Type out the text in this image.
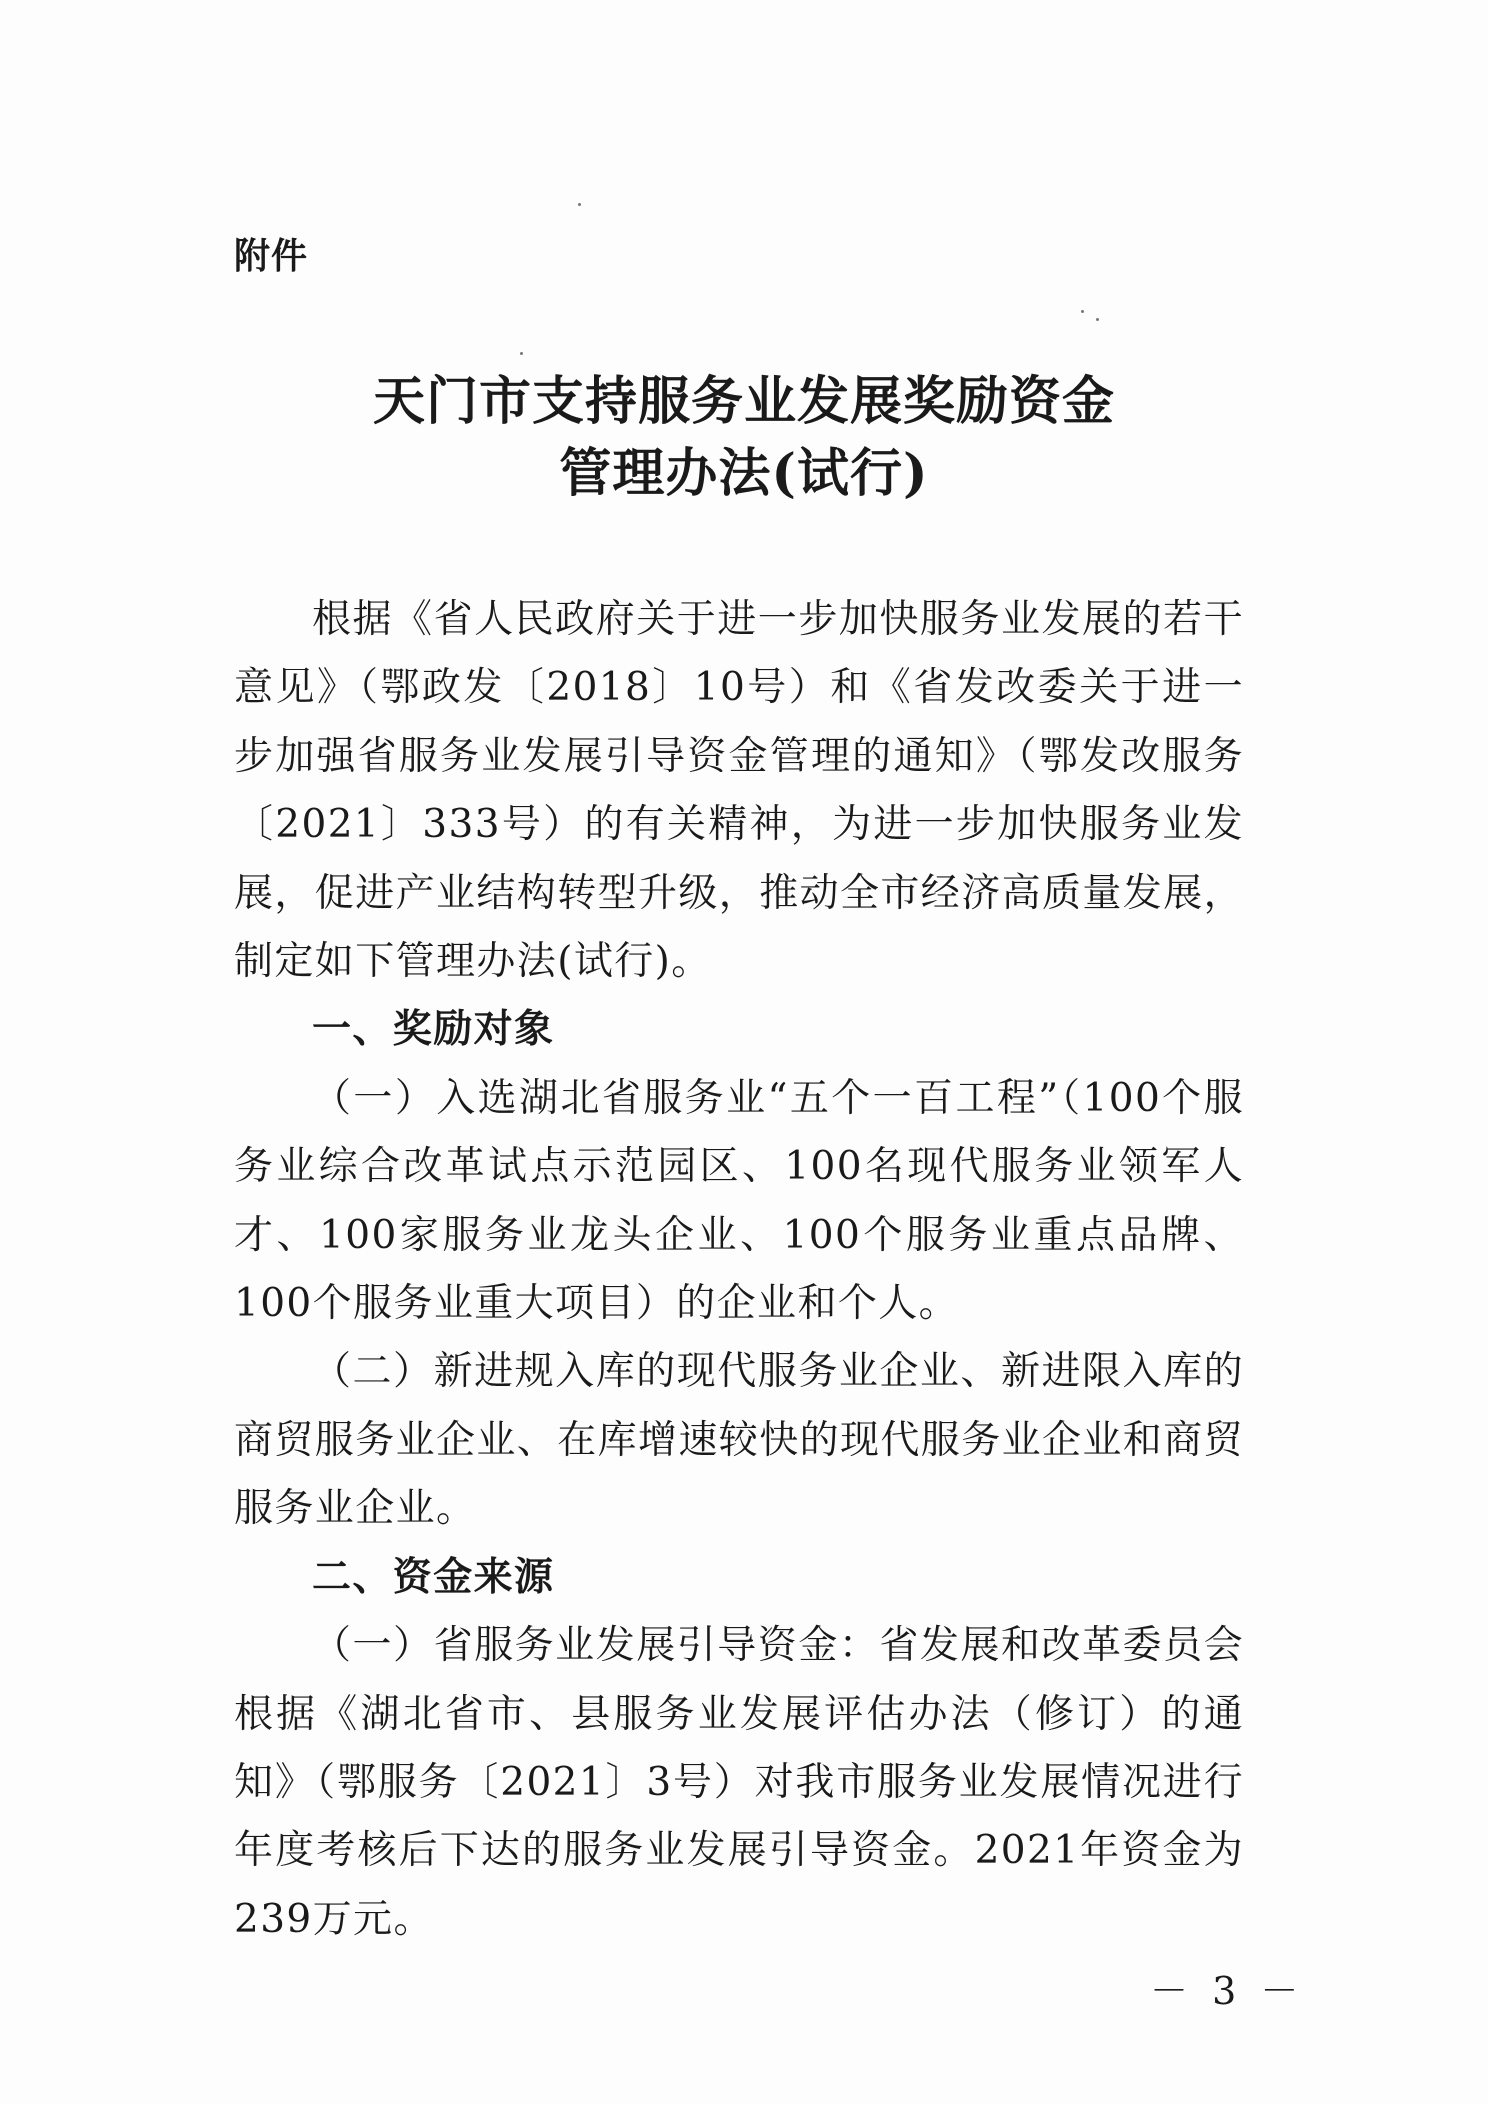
附件
天门市支持服务业发展奖励资金
管理办法(试行)

根据《省人民政府关于进一步加快服务业发展的若干意见》（鄂政发〔2018〕10号）和《省发改委关于进一步加强省服务业发展引导资金管理的通知》（鄂发改服务〔2021〕333号）的有关精神，为进一步加快服务业发展，促进产业结构转型升级，推动全市经济高质量发展，制定如下管理办法(试行)。

一、奖励对象

（一）入选湖北省服务业“五个一百工程”（100个服务业综合改革试点示范园区、100名现代服务业领军人才、100家服务业龙头企业、100个服务业重点品牌、100个服务业重大项目）的企业和个人。

（二）新进规入库的现代服务业企业、新进限入库的商贸服务业企业、在库增速较快的现代服务业企业和商贸服务业企业。

二、资金来源

（一）省服务业发展引导资金：省发展和改革委员会根据《湖北省市、县服务业发展评估办法（修订）的通知》（鄂服务〔2021〕3号）对我市服务业发展情况进行年度考核后下达的服务业发展引导资金。2021年资金为239万元。

－ 3 －
